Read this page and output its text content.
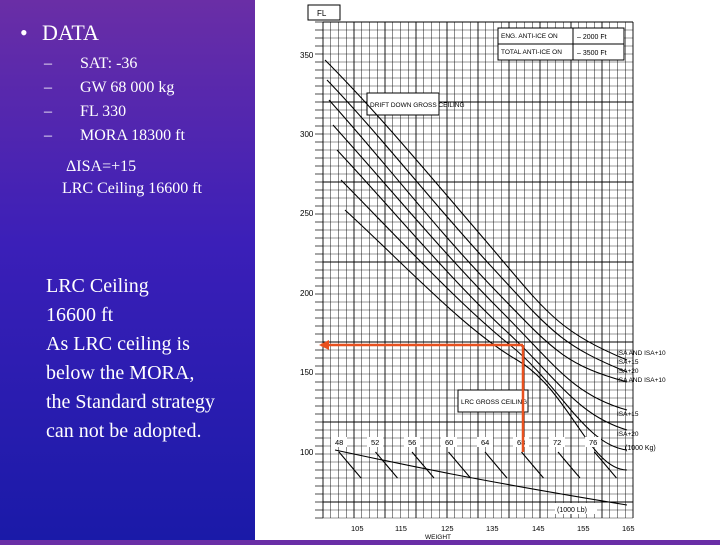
• DATA
– SAT: -36
– GW 68 000 kg
– FL 330
– MORA 18300 ft
ΔISA=+15
LRC Ceiling 16600 ft
LRC Ceiling
16600 ft
As LRC ceiling is
below the MORA,
the Standard strategy
can not be adopted.
FL
350
300
250
200
150
100
ENG. ANTI-ICE ON	– 2000 Ft
TOTAL ANTI-ICE ON – 3500 Ft
DRIFT DOWN GROSS CEILING
ISA AND ISA+10
ISA+15
ISA+20
ISA AND ISA+10
ISA+15
ISA+20
(1000 Kg)
LRC GROSS CEILING
48	52	56	60	64	68	72	76
(1000 Lb)
105	115	125	135	145	155	165
WEIGHT
